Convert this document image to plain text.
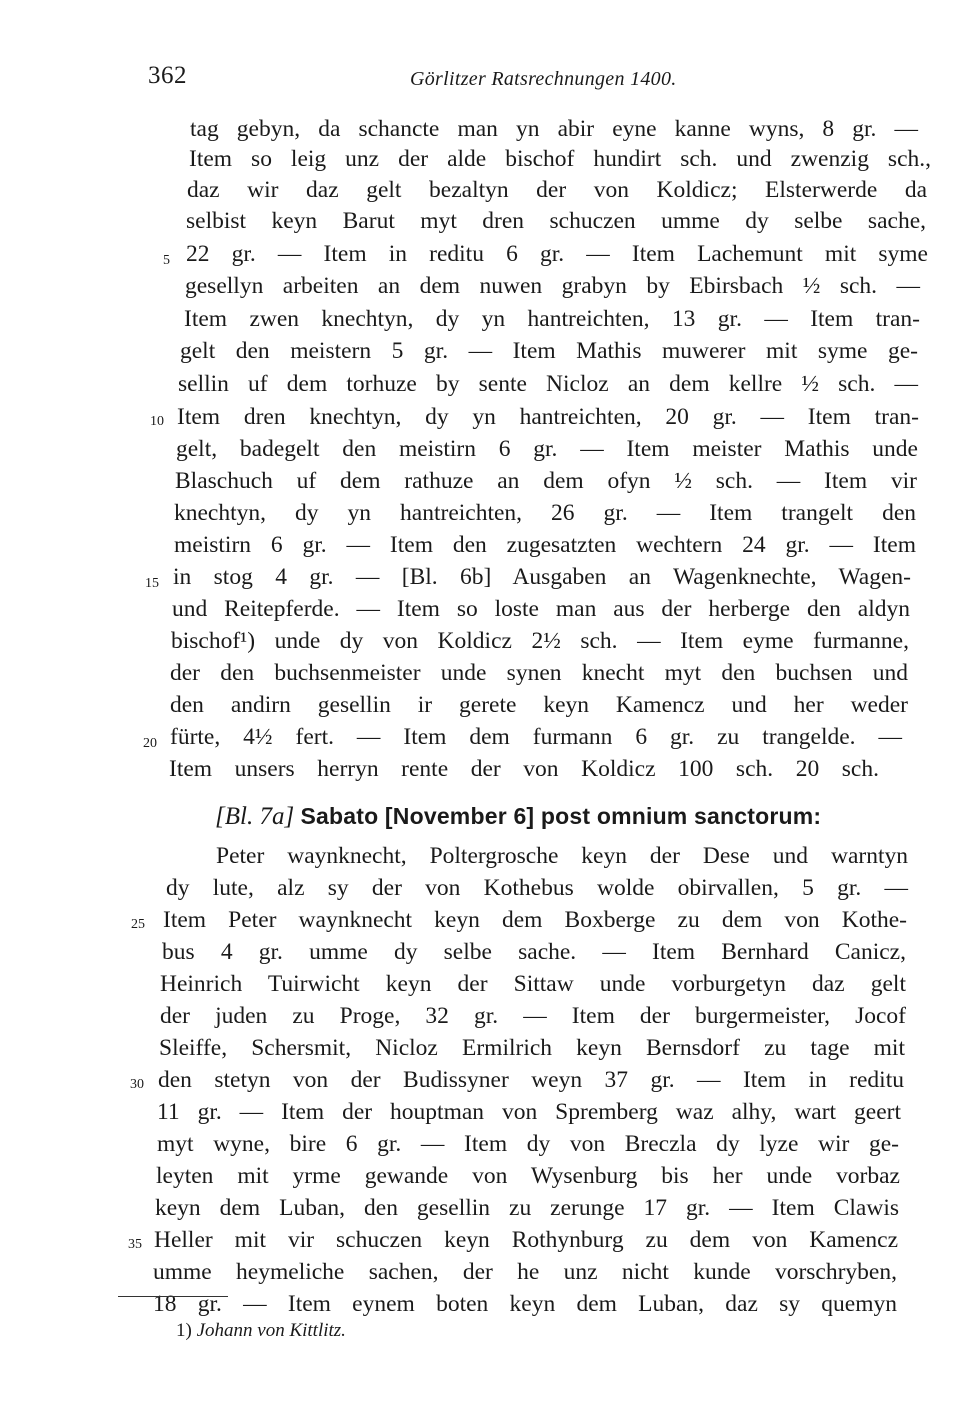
362	Görlitzer Ratsrechnungen 1400.
tag gebyn, da schancte man yn abir eyne kanne wyns, 8 gr. —
Item so leig unz der alde bischof hundirt sch. und zwenzig sch.,
daz wir daz gelt bezaltyn der von Koldicz; Elsterwerde da
selbist keyn Barut myt dren schuczen umme dy selbe sache,
22 gr. — Item in reditu 6 gr. — Item Lachemunt mit syme
gesellyn arbeiten an dem nuwen grabyn by Ebirsbach ½ sch. —
Item zwen knechtyn, dy yn hantreichten, 13 gr. — Item tran-
gelt den meistern 5 gr. — Item Mathis muwerer mit syme ge-
sellin uf dem torhuze by sente Nicloz an dem kellre ½ sch. —
Item dren knechtyn, dy yn hantreichten, 20 gr. — Item tran-
gelt, badegelt den meistirn 6 gr. — Item meister Mathis unde
Blaschuch uf dem rathuze an dem ofyn ½ sch. — Item vir
knechtyn, dy yn hantreichten, 26 gr. — Item trangelt den
meistirn 6 gr. — Item den zugesatzten wechtern 24 gr. — Item
in stog 4 gr. — [Bl. 6b] Ausgaben an Wagenknechte, Wagen-
und Reitepferde. — Item so loste man aus der herberge den aldyn
bischof¹) unde dy von Koldicz 2½ sch. — Item eyme furmanne,
der den buchsenmeister unde synen knecht myt den buchsen und
den andirn gesellin ir gerete keyn Kamencz und her weder
fürte, 4½ fert. — Item dem furmann 6 gr. zu trangelde. —
Item unsers herryn rente der von Koldicz 100 sch. 20 sch.
Peter waynknecht, Poltergrosche keyn der Dese und warntyn
dy lute, alz sy der von Kothebus wolde obirvallen, 5 gr. —
Item Peter waynknecht keyn dem Boxberge zu dem von Kothe-
bus 4 gr. umme dy selbe sache. — Item Bernhard Canicz,
Heinrich Tuirwicht keyn der Sittaw unde vorburgetyn daz gelt
der juden zu Proge, 32 gr. — Item der burgermeister, Jocof
Sleiffe, Schersmit, Nicloz Ermilrich keyn Bernsdorf zu tage mit
den stetyn von der Budissyner weyn 37 gr. — Item in reditu
11 gr. — Item der houptman von Spremberg waz alhy, wart geert
myt wyne, bire 6 gr. — Item dy von Breczla dy lyze wir ge-
leyten mit yrme gewande von Wysenburg bis her unde vorbaz
keyn dem Luban, den gesellin zu zerunge 17 gr. — Item Clawis
Heller mit vir schuczen keyn Rothynburg zu dem von Kamencz
umme heymeliche sachen, der he unz nicht kunde vorschryben,
18 gr. — Item eynem boten keyn dem Luban, daz sy quemyn
5
10
15
20
25
30
35
[Bl. 7a] Sabato [November 6] post omnium sanctorum:
1) Johann von Kittlitz.
